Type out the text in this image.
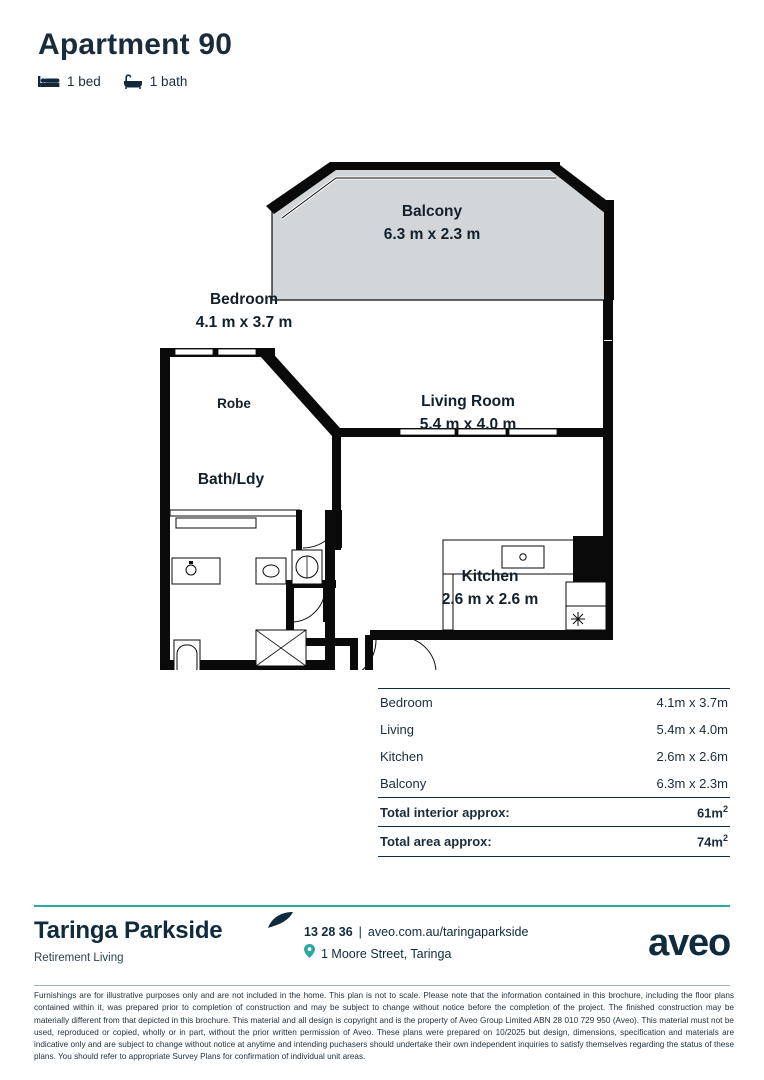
Apartment 90
1 bed	1 bath
Balcony
6.3 m x 2.3 m
Bedroom
4.1 m x 3.7 m
Living Room
5.4 m x 4.0 m
Kitchen
2.6 m x 2.6 m
Robe
Bath/Ldy
Bedroom	4.1m x 3.7m
Living	5.4m x 4.0m
Kitchen	2.6m x 2.6m
Balcony	6.3m x 2.3m
Total interior approx:	$61m^2$
Total area approx:	$74m^2$
Taringa Parkside
Retirement Living
13 28 36 | aveo.com.au/taringaparkside
1 Moore Street, Taringa	aveo
Furnishings are for illustrative purposes only and are not included in the home. This plan is not to scale. Please note that the information contained in this brochure, including the floor plans contained within it, was prepared prior to completion of construction and may be subject to change without notice before the completion of the project. The finished construction may be materially different from that depicted in this brochure. This material and all design is copyright and is the property of Aveo Group Limited ABN 28 010 729 950 (Aveo). This material must not be used, reproduced or copied, wholly or in part, without the prior written permission of Aveo. These plans were prepared on 10/2025 but design, dimensions, specification and materials are indicative only and are subject to change without notice at anytime and intending puchasers should undertake their own independent inquiries to satisfy themselves regarding the status of these plans. You should refer to appropriate Survey Plans for confirmation of individual unit areas.
